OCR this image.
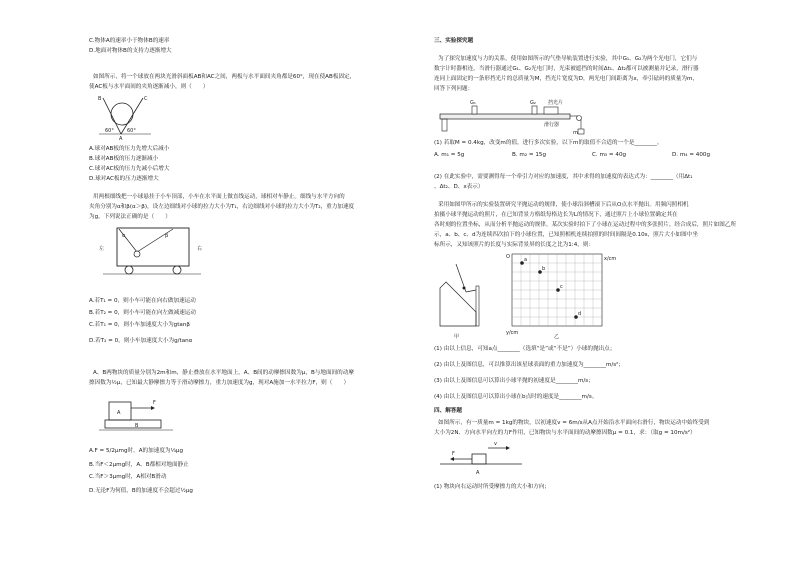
C.物体A的速率小于物体B的速率
D.地面对物体B的支持力逐渐增大
如图所示，将一个球放在两块光滑斜面板AB和AC之间，两板与水平面间夹角都是60°，现在使AB板固定，
使AC板与水平面间的夹角逐渐减小，则（　　）
B	C
A
60°	60°
A.球对AB板的压力先增大后减小
B.球对AB板的压力逐渐减小
C.球对AC板的压力先减小后增大
D.球对AC板的压力逐渐增大
用两根细线把一小球悬挂于小车顶部，小车在水平面上做直线运动，球相对车静止。细线与水平方向的
夹角分别为α和β(α＞β)，设左边细线对小球的拉力大小为T₁，右边细线对小球的拉力大小为T₂，重力加速度
为g，下列说法正确的是（　　）
左	右
α	β
A.若T₁ = 0，则小车可能在向右做加速运动
B.若T₂ = 0，则小车可能在向左做减速运动
C.若T₁ = 0，则小车加速度大小为gtanβ
D.若T₂ = 0，则小车加速度大小为g/tanα
A、B两物块的质量分别为2m和m，静止叠放在水平地面上，A、B间的动摩擦因数为μ，B与地面间的动摩
擦因数为½μ，已知最大静摩擦力等于滑动摩擦力，重力加速度为g，现对A施加一水平拉力F，则（　　）
A
B
F
A.F = 5/2μmg时，A的加速度为⅓μg
B.当F＜2μmg时，A、B都相对地面静止
C.当F＞3μmg时，A相对B滑动
D.无论F为何值，B的加速度不会超过½μg
三、实验探究题
为了探究加速度与力的关系，使用如图所示的气垫导轨装置进行实验，其中G₁、G₂为两个光电门，它们与
数字计时器相连，当滑行器通过G₁、G₂光电门时，光束被遮挡的时间Δt₁、Δt₂都可以被测量并记录，滑行器
连同上面固定的一条形挡光片的总质量为M，挡光片宽度为D，两光电门间距离为x，牵引砝码的质量为m，
回答下列问题：
G₁	G₂
滑行器
挡光片
m
(1) 若取M = 0.4kg，改变m的值，进行多次实验，以下m的取值不合适的一个是________。
A. m₁ = 5g	B. m₂ = 15g	C. m₃ = 40g	D. m₄ = 400g
(2) 在此实验中，需要测得每一个牵引力对应的加速度，其中求得的加速度的表达式为：________（用Δt₁
、Δt₂、D、x表示）
采用如图甲所示的实验装置研究平抛运动的规律，使小球沿斜槽滚下后从O点水平抛出。用频闪照相机
拍摄小球平抛运动的照片，在已知背景方格纸每格边长为L的情况下，通过照片上小球位置确定其在
各时刻的位置坐标，从而分析平抛运动的规律。某次实验时拍下了小球在运动过程中的多张照片，经合成后，照片如图乙所
示，a、b、c、d为连续四次拍下的小球位置，已知照相机连续拍照的时间间隔是0.10s，照片大小如图中坐
标所示，又知该照片的长度与实际背景屏的长度之比为1:4，则：
甲
O	x/cm
y/cm
a
b
c
d
乙
(1) 由以上信息，可知a点________（选填“是”或“不是”）小球的抛出点；
(2) 由以上及图信息，可以推算出该星球表面的重力加速度为________m/s²；
(3) 由以上及图信息可以算出小球平抛的初速度是________m/s；
(4) 由以上及图信息可以算出小球在b点时的速度是________m/s。
四、解答题
如图所示，有一质量m = 1kg的物块，以初速度v = 6m/s从A点开始沿水平面向右滑行，物块运动中始终受到
大小为2N、方向水平向左的力F作用，已知物块与水平面间的动摩擦因数μ = 0.1，求：（取g = 10m/s²）
F
v
A
(1) 物块向右运动时所受摩擦力的大小和方向；
